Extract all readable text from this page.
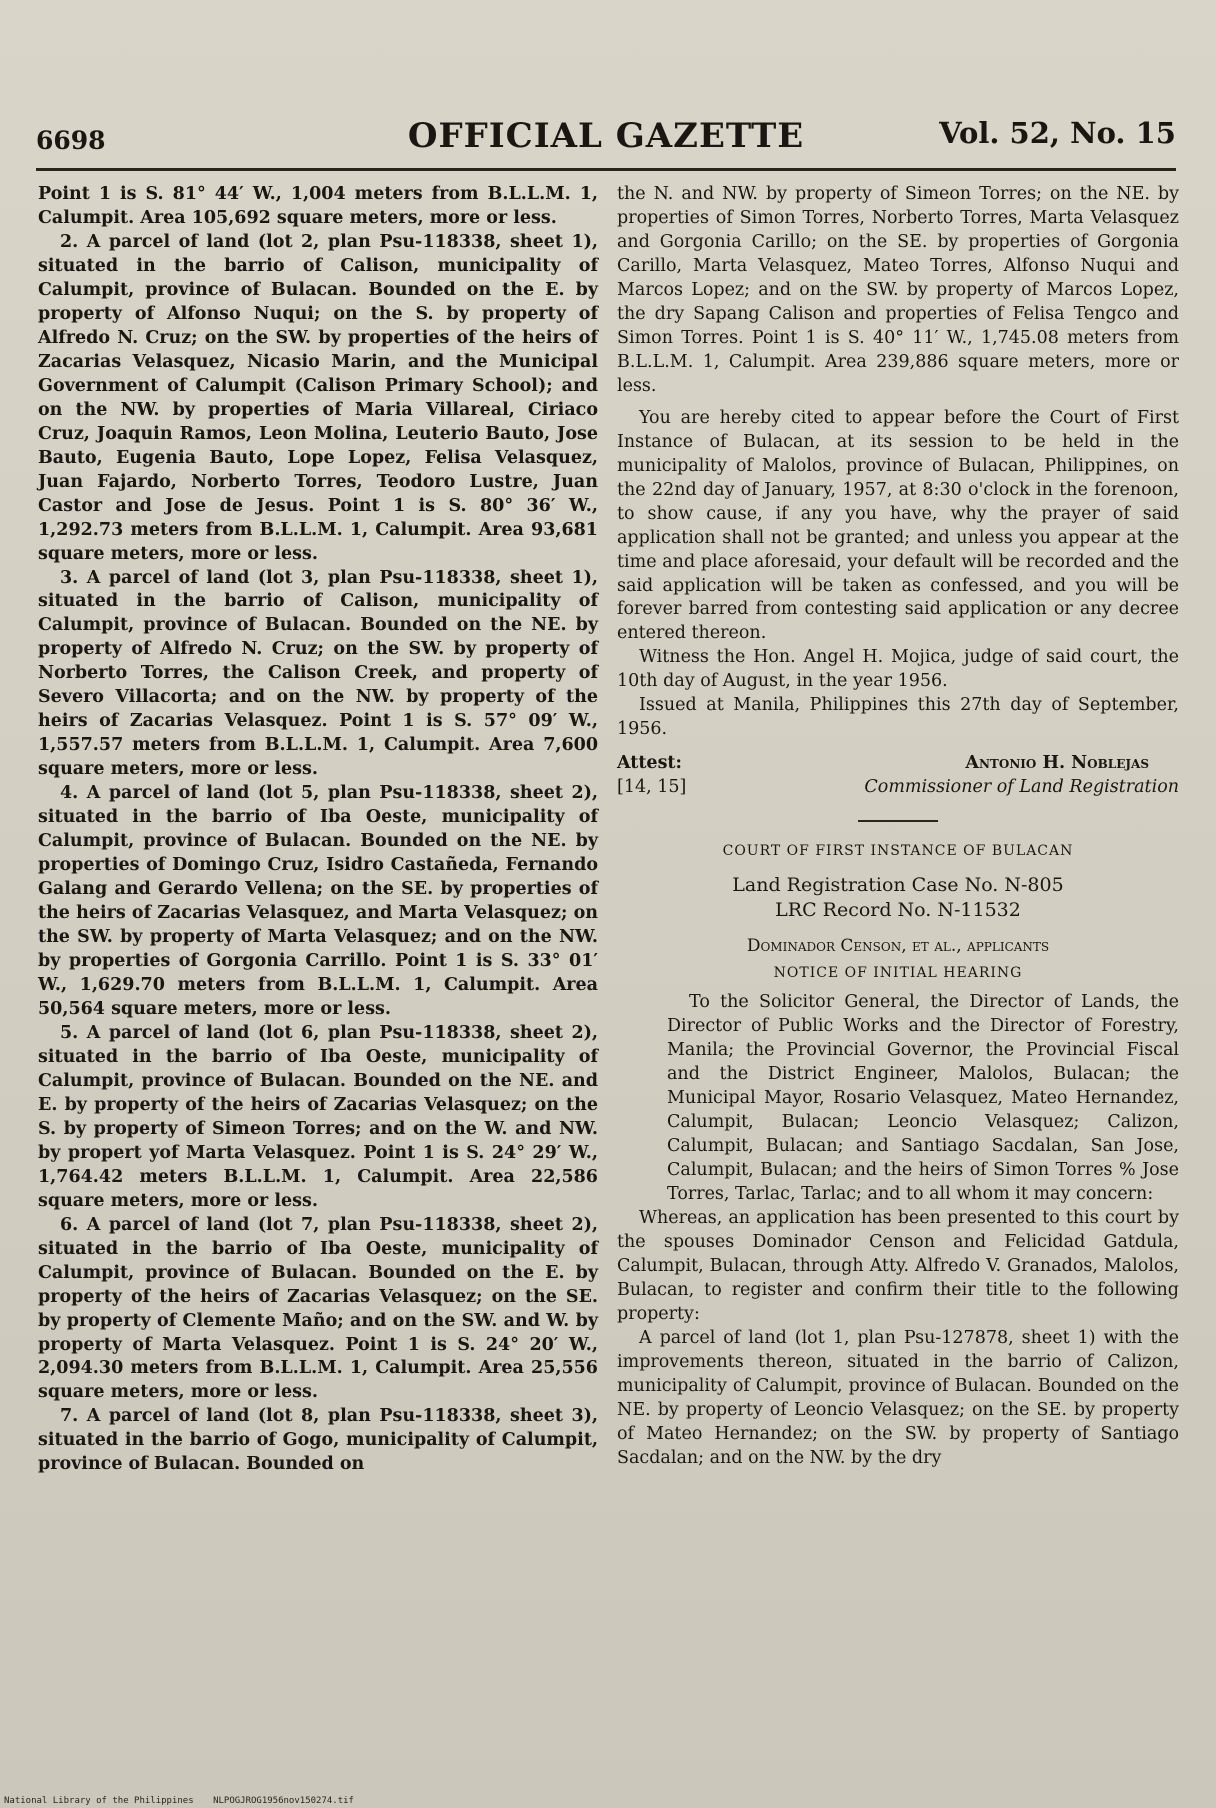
6698	OFFICIAL GAZETTE	Vol. 52, No. 15

Point 1 is S. 81° 44′ W., 1,004 meters from B.L.L.M. 1, Calumpit. Area 105,692 square meters, more or less.

2. A parcel of land (lot 2, plan Psu-118338, sheet 1), situated in the barrio of Calison, municipality of Calumpit, province of Bulacan. Bounded on the E. by property of Alfonso Nuqui; on the S. by property of Alfredo N. Cruz; on the SW. by properties of the heirs of Zacarias Velasquez, Nicasio Marin, and the Municipal Government of Calumpit (Calison Primary School); and on the NW. by properties of Maria Villareal, Ciriaco Cruz, Joaquin Ramos, Leon Molina, Leuterio Bauto, Jose Bauto, Eugenia Bauto, Lope Lopez, Felisa Velasquez, Juan Fajardo, Norberto Torres, Teodoro Lustre, Juan Castor and Jose de Jesus. Point 1 is S. 80° 36′ W., 1,292.73 meters from B.L.L.M. 1, Calumpit. Area 93,681 square meters, more or less.

3. A parcel of land (lot 3, plan Psu-118338, sheet 1), situated in the barrio of Calison, municipality of Calumpit, province of Bulacan. Bounded on the NE. by property of Alfredo N. Cruz; on the SW. by property of Norberto Torres, the Calison Creek, and property of Severo Villacorta; and on the NW. by property of the heirs of Zacarias Velasquez. Point 1 is S. 57° 09′ W., 1,557.57 meters from B.L.L.M. 1, Calumpit. Area 7,600 square meters, more or less.

4. A parcel of land (lot 5, plan Psu-118338, sheet 2), situated in the barrio of Iba Oeste, municipality of Calumpit, province of Bulacan. Bounded on the NE. by properties of Domingo Cruz, Isidro Castañeda, Fernando Galang and Gerardo Vellena; on the SE. by properties of the heirs of Zacarias Velasquez, and Marta Velasquez; on the SW. by property of Marta Velasquez; and on the NW. by properties of Gorgonia Carrillo. Point 1 is S. 33° 01′ W., 1,629.70 meters from B.L.L.M. 1, Calumpit. Area 50,564 square meters, more or less.

5. A parcel of land (lot 6, plan Psu-118338, sheet 2), situated in the barrio of Iba Oeste, municipality of Calumpit, province of Bulacan. Bounded on the NE. and E. by property of the heirs of Zacarias Velasquez; on the S. by property of Simeon Torres; and on the W. and NW. by propert yof Marta Velasquez. Point 1 is S. 24° 29′ W., 1,764.42 meters B.L.L.M. 1, Calumpit. Area 22,586 square meters, more or less.

6. A parcel of land (lot 7, plan Psu-118338, sheet 2), situated in the barrio of Iba Oeste, municipality of Calumpit, province of Bulacan. Bounded on the E. by property of the heirs of Zacarias Velasquez; on the SE. by property of Clemente Maño; and on the SW. and W. by property of Marta Velasquez. Point 1 is S. 24° 20′ W., 2,094.30 meters from B.L.L.M. 1, Calumpit. Area 25,556 square meters, more or less.

7. A parcel of land (lot 8, plan Psu-118338, sheet 3), situated in the barrio of Gogo, municipality of Calumpit, province of Bulacan. Bounded on

the N. and NW. by property of Simeon Torres; on the NE. by properties of Simon Torres, Norberto Torres, Marta Velasquez and Gorgonia Carillo; on the SE. by properties of Gorgonia Carillo, Marta Velasquez, Mateo Torres, Alfonso Nuqui and Marcos Lopez; and on the SW. by property of Marcos Lopez, the dry Sapang Calison and properties of Felisa Tengco and Simon Torres. Point 1 is S. 40° 11′ W., 1,745.08 meters from B.L.L.M. 1, Calumpit. Area 239,886 square meters, more or less.

You are hereby cited to appear before the Court of First Instance of Bulacan, at its session to be held in the municipality of Malolos, province of Bulacan, Philippines, on the 22nd day of January, 1957, at 8:30 o'clock in the forenoon, to show cause, if any you have, why the prayer of said application shall not be granted; and unless you appear at the time and place aforesaid, your default will be recorded and the said application will be taken as confessed, and you will be forever barred from contesting said application or any decree entered thereon.

Witness the Hon. Angel H. Mojica, judge of said court, the 10th day of August, in the year 1956.

Issued at Manila, Philippines this 27th day of September, 1956.

Attest:	Antonio H. Noblejas
[14, 15]	Commissioner of Land Registration
COURT OF FIRST INSTANCE OF BULACAN
Land Registration Case No. N-805
LRC Record No. N-11532
Dominador Censon, et al., applicants
NOTICE OF INITIAL HEARING

To the Solicitor General, the Director of Lands, the Director of Public Works and the Director of Forestry, Manila; the Provincial Governor, the Provincial Fiscal and the District Engineer, Malolos, Bulacan; the Municipal Mayor, Rosario Velasquez, Mateo Hernandez, Calumpit, Bulacan; Leoncio Velasquez; Calizon, Calumpit, Bulacan; and Santiago Sacdalan, San Jose, Calumpit, Bulacan; and the heirs of Simon Torres % Jose Torres, Tarlac, Tarlac; and to all whom it may concern:

Whereas, an application has been presented to this court by the spouses Dominador Censon and Felicidad Gatdula, Calumpit, Bulacan, through Atty. Alfredo V. Granados, Malolos, Bulacan, to register and confirm their title to the following property:

A parcel of land (lot 1, plan Psu-127878, sheet 1) with the improvements thereon, situated in the barrio of Calizon, municipality of Calumpit, province of Bulacan. Bounded on the NE. by property of Leoncio Velasquez; on the SE. by property of Mateo Hernandez; on the SW. by property of Santiago Sacdalan; and on the NW. by the dry

National Library of the Philippines NLPOGJROG1956nov150274.tif
